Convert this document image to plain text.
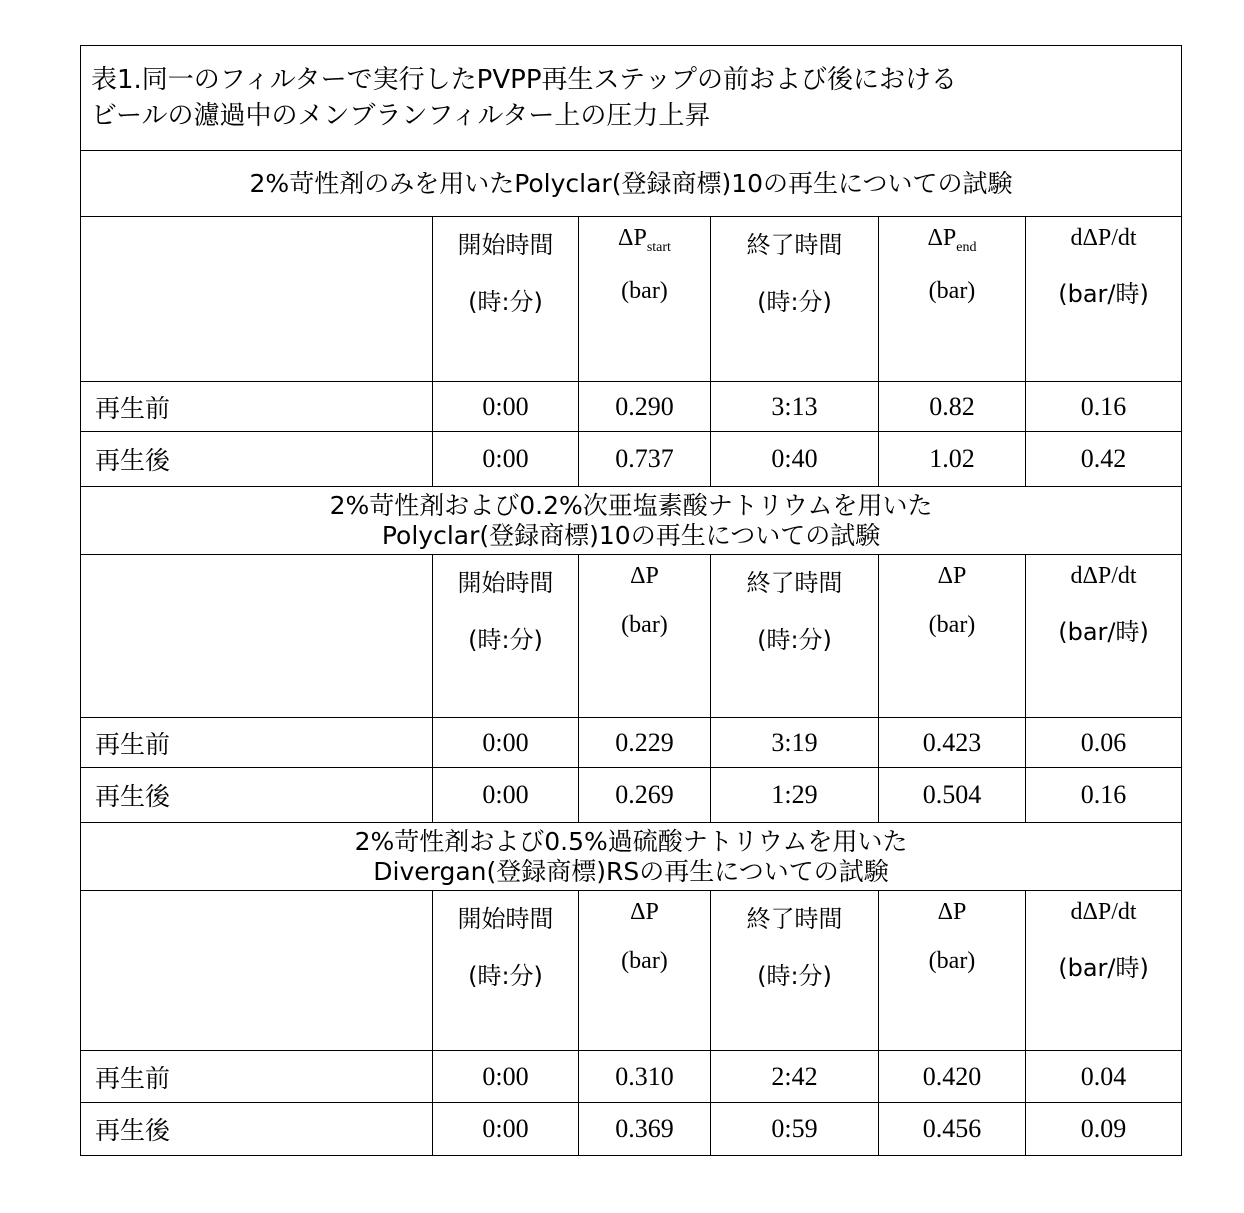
表1.同一のフィルターで実行したPVPP再生ステップの前および後における
ビールの濾過中のメンブランフィルター上の圧力上昇

2%苛性剤のみを用いたPolyclar(登録商標)10の再生についての試験

開始時間
(時:分)

ΔPstart
(bar)

終了時間
(時:分)

ΔPend
(bar)

dΔP/dt
(bar/時)

再生前	0:00	0.290	3:13	0.82	0.16
再生後	0:00	0.737	0:40	1.02	0.42

2%苛性剤および0.2%次亜塩素酸ナトリウムを用いた
Polyclar(登録商標)10の再生についての試験

開始時間
(時:分)

ΔP
(bar)

終了時間
(時:分)

ΔP
(bar)

dΔP/dt
(bar/時)

再生前	0:00	0.229	3:19	0.423	0.06
再生後	0:00	0.269	1:29	0.504	0.16

2%苛性剤および0.5%過硫酸ナトリウムを用いた
Divergan(登録商標)RSの再生についての試験

開始時間
(時:分)

ΔP
(bar)

終了時間
(時:分)

ΔP
(bar)

dΔP/dt
(bar/時)

再生前	0:00	0.310	2:42	0.420	0.04
再生後	0:00	0.369	0:59	0.456	0.09
